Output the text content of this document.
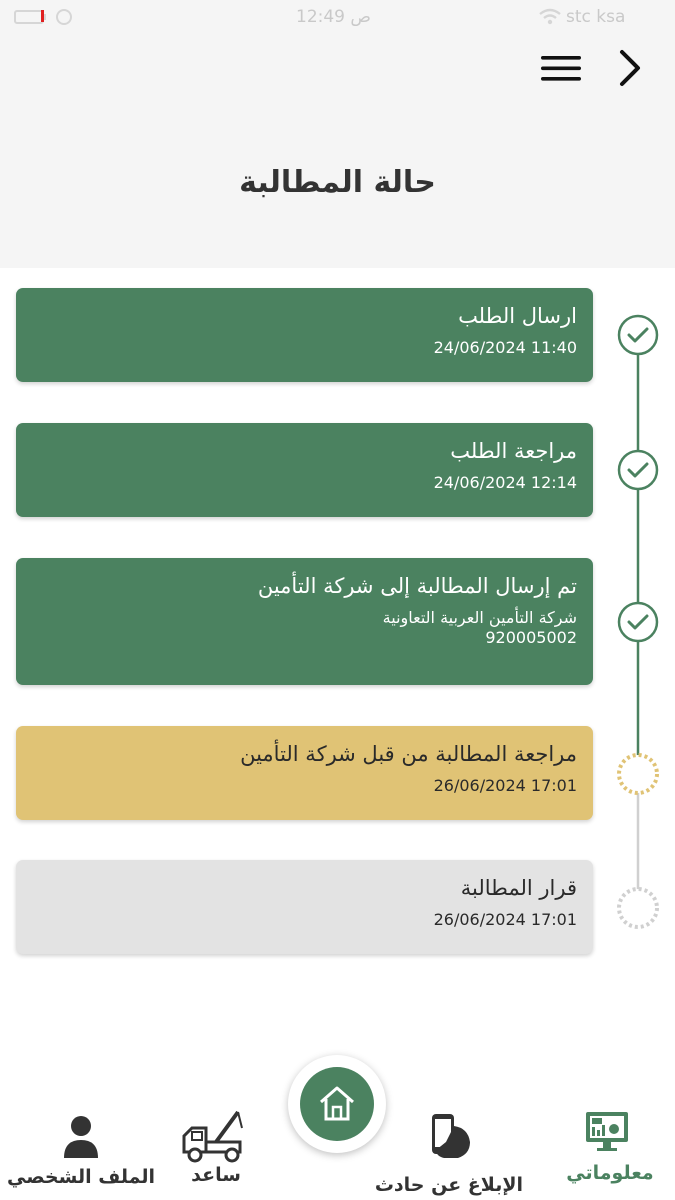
12:49 ص	stc ksa
حالة المطالبة
ارسال الطلب
11:40 24/06/2024
مراجعة الطلب
12:14 24/06/2024
تم إرسال المطالبة إلى شركة التأمين
شركة التأمين العربية التعاونية
920005002
مراجعة المطالبة من قبل شركة التأمين
17:01 26/06/2024
قرار المطالبة
17:01 26/06/2024
معلوماتي
الإبلاغ عن حادث
ساعد
الملف الشخصي
